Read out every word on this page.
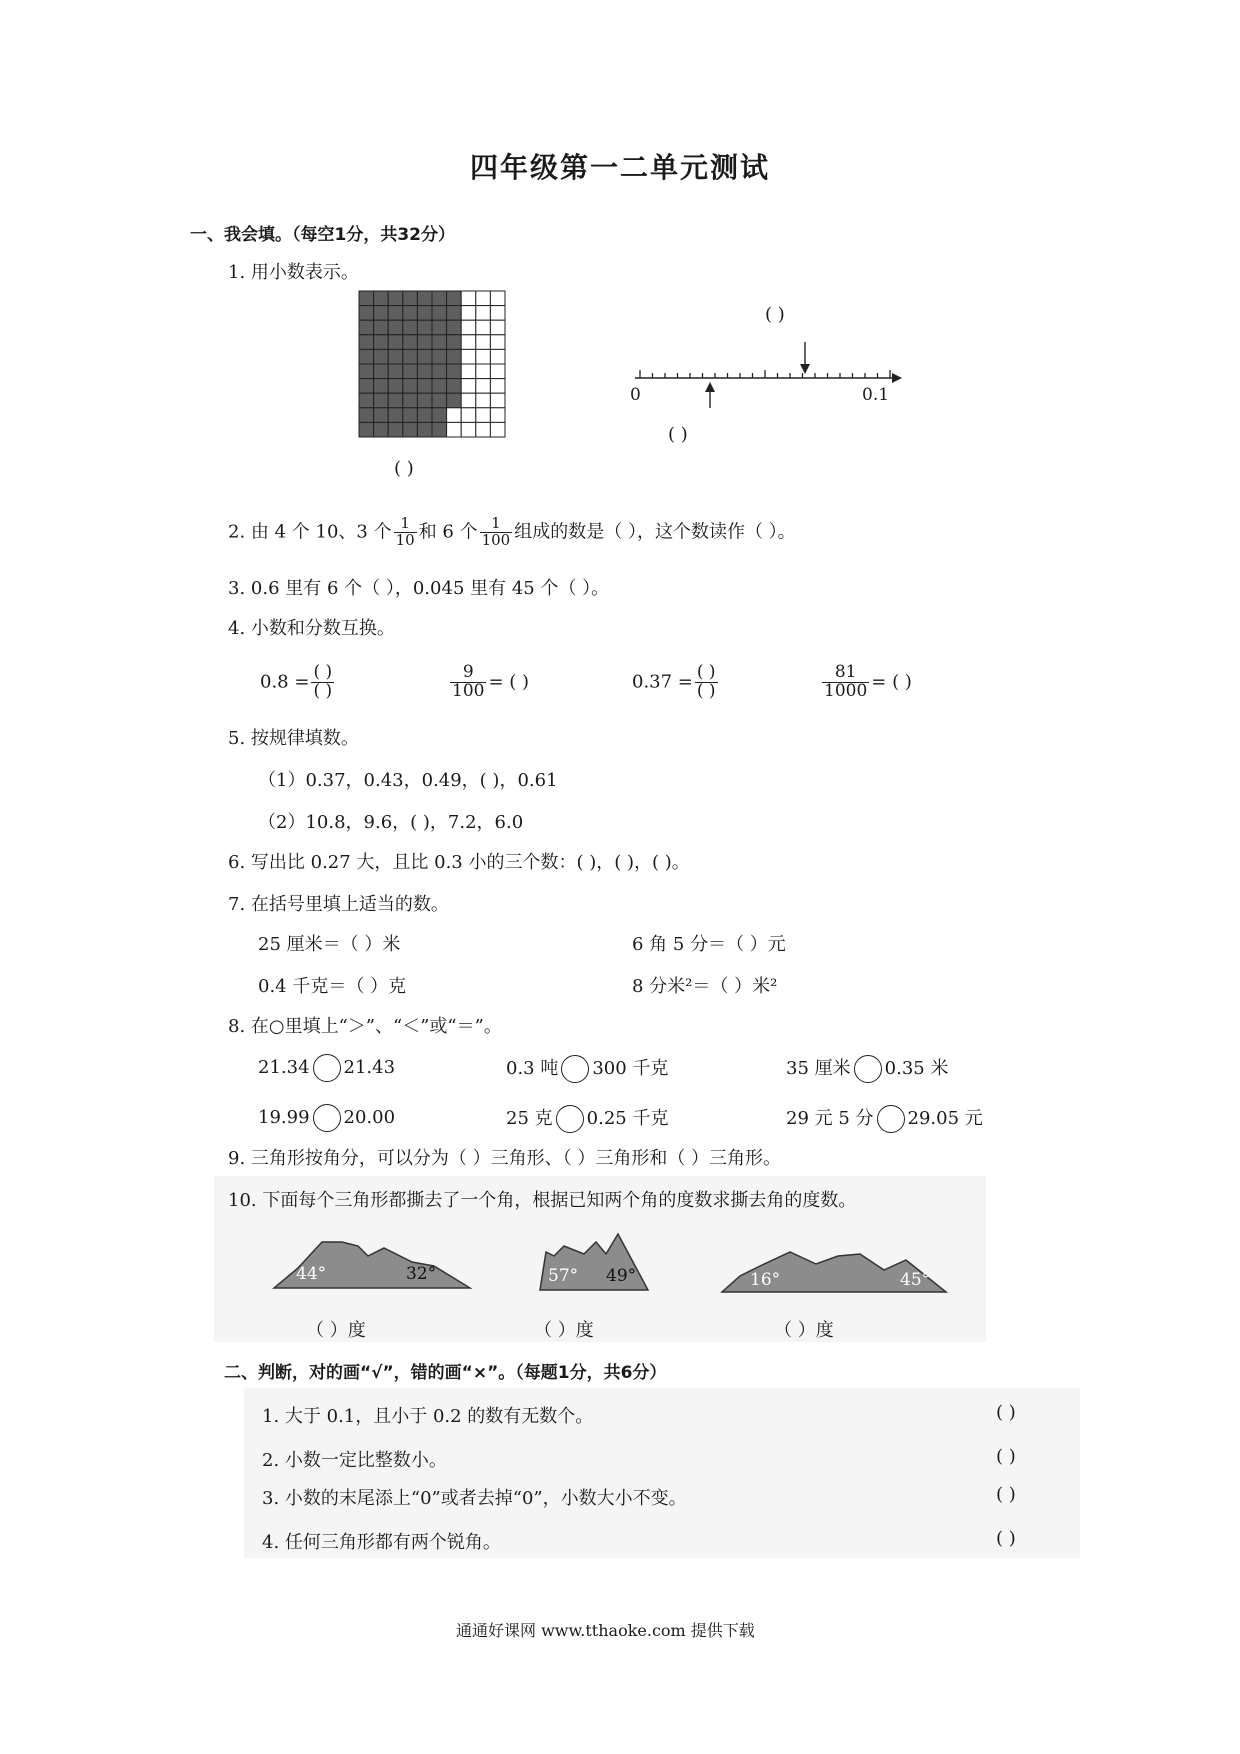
四年级第一二单元测试
一、我会填。（每空1分，共32分）
1. 用小数表示。
( )
0	0.1
( )
( )
2. 由 4 个 10、3 个 $\frac{1}{10}$ 和 6 个 $\frac{1}{100}$ 组成的数是（ ），这个数读作（ ）。
3. 0.6 里有 6 个（ ），0.045 里有 45 个（ ）。
4. 小数和分数互换。
$0.8 = \frac{( )}{( )}$	$\frac{9}{100}$ = ( )	$0.37 = \frac{( )}{( )}$	$\frac{81}{1000}$ = ( )
5. 按规律填数。
（1）0.37，0.43，0.49，( )，0.61
（2）10.8，9.6，( )，7.2，6.0
6. 写出比 0.27 大，且比 0.3 小的三个数：( )，( )，( )。
7. 在括号里填上适当的数。
25 厘米＝（ ）米	6 角 5 分＝（ ）元
0.4 千克＝（ ）克	8 分米²＝（ ）米²
8. 在○里填上“＞”、“＜”或“＝”。
21.34 21.43	0.3 吨 300 千克	35 厘米 0.35 米
19.99 20.00	25 克 0.25 千克	29 元 5 分 29.05 元
9. 三角形按角分，可以分为（ ）三角形、（ ）三角形和（ ）三角形。
10. 下面每个三角形都撕去了一个角，根据已知两个角的度数求撕去角的度数。
44°	32°	57° 49°	16°	45°
（ ）度	（ ）度	（ ）度
二、判断，对的画“√”，错的画“×”。（每题1分，共6分）
1. 大于 0.1，且小于 0.2 的数有无数个。	( )
2. 小数一定比整数小。	( )
3. 小数的末尾添上“0”或者去掉“0”，小数大小不变。	( )
4. 任何三角形都有两个锐角。	( )
通通好课网 www.tthaoke.com 提供下载
